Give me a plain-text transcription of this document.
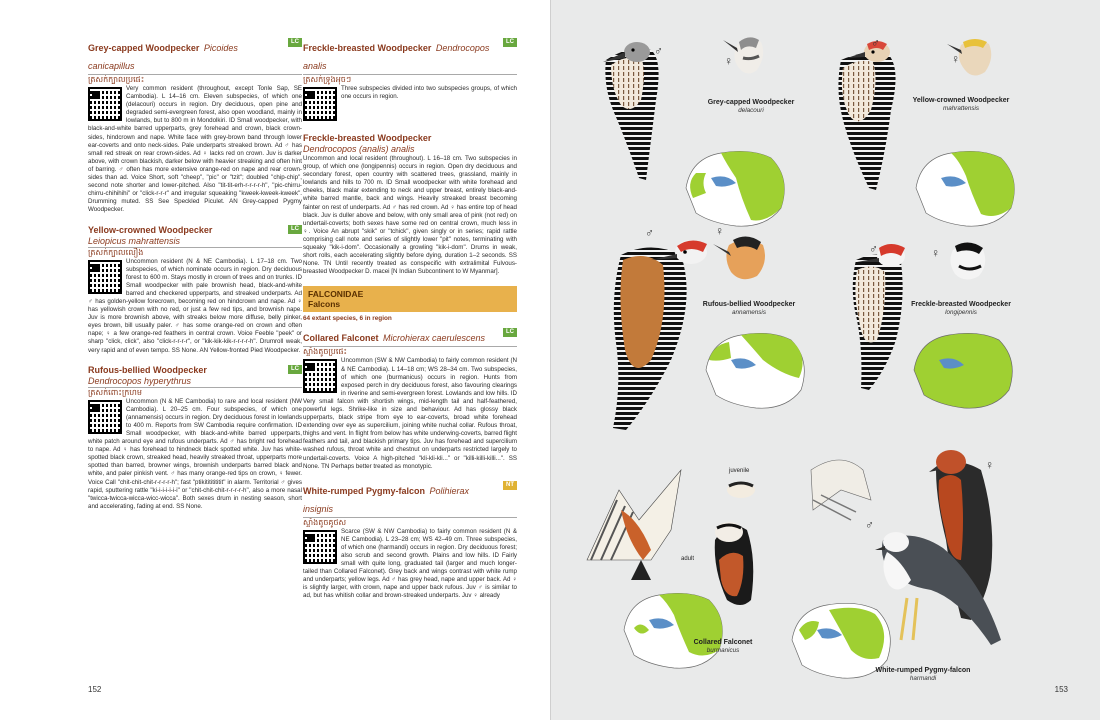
Grey-capped Woodpecker Picoides canicapillus
LC
ត្រសក់ក្បាលប្រផេះ
Very common resident (throughout, except Tonle Sap, SE Cambodia). L 14–16 cm. Eleven subspecies, of which one (delacouri) occurs in region. Dry deciduous, open pine and degraded semi-evergreen forest, also open woodland, mainly in lowlands, but to 800 m in Mondolkiri. ID Small woodpecker, with black-and-white barred upperparts, grey forehead and crown, black crown-sides, hindcrown and nape. White face with grey-brown band through lower ear-coverts and onto neck-sides. Pale underparts streaked brown. Ad ♂ has small red streak on rear crown-sides. Ad ♀ lacks red on crown. Juv is darker above, with crown blackish, darker below with heavier streaking and often hint of barring. ♂ often has more extensive orange-red on nape and rear crown-sides than ad. Voice Short, soft "cheep", "pic" or "tzit"; doubled "chip-chip", second note shorter and lower-pitched. Also "tit-tit-erh-r-r-r-r-h", "pic-chirru-chirru-chihihihi" or "click-r-r-r" and irregular squeaking "kweek-kweek-kweek". Drumming muted. SS See Speckled Piculet. AN Grey-capped Pygmy Woodpecker.
Yellow-crowned Woodpecker
Leiopicus mahrattensis
LC
ត្រសក់ក្បាលលឿង
Uncommon resident (N & NE Cambodia). L 17–18 cm. Two subspecies, of which nominate occurs in region. Dry deciduous forest to 600 m. Stays mostly in crown of trees and on trunks. ID Small woodpecker with pale brownish head, black-and-white barred and checkered upperparts, and streaked underparts. Ad ♂ has golden-yellow forecrown, becoming red on hindcrown and nape. Ad ♀ has yellowish crown with no red, or just a few red tips, and brownish nape. Juv is more brownish above, with streaks below more diffuse, belly pinker, eyes brown, bill usually paler. ♂ has some orange-red on crown and often nape; ♀ a few orange-red feathers in central crown. Voice Feeble "peek" or sharp "click, click", also "click-r-r-r-r", or "kik-kik-kik-r-r-r-r-h". Drumroll weak, very rapid and of even tempo. SS None. AN Yellow-fronted Pied Woodpecker.
Rufous-bellied Woodpecker
Dendrocopos hyperythrus
LC
ត្រសក់ពោះក្រហម
Uncommon (N & NE Cambodia) to rare and local resident (NW Cambodia). L 20–25 cm. Four subspecies, of which one (annamensis) occurs in region. Dry deciduous forest in lowlands to 400 m. Reports from SW Cambodia require confirmation. ID Small woodpecker, with black-and-white barred upperparts, white patch around eye and rufous underparts. Ad ♂ has bright red forehead to nape. Ad ♀ has forehead to hindneck black spotted white. Juv has white-spotted black crown, streaked head, heavily streaked throat, upperparts more spotted than barred, browner wings, brownish underparts barred black and white, and paler pinkish vent. ♂ has many orange-red tips on crown, ♀ fewer. Voice Call "chit-chit-chit-r-r-r-r-h"; fast "ptikitititititit" in alarm. Territorial ♂ gives rapid, sputtering rattle "ki-i-i-i-i-i-i" or "chit-chit-chit-r-r-r-r-h", also a more nasal "twicca-twicca-wicca-wicc-wicca". Both sexes drum in nesting season, short and accelerating, fading at end. SS None.
Freckle-breasted Woodpecker Dendrocopos analis
LC
ត្រសក់ទ្រូងអុចៗ
Three subspecies divided into two subspecies groups, of which one occurs in region.
Freckle-breasted Woodpecker
Dendrocopos (analis) analis
Uncommon and local resident (throughout). L 16–18 cm. Two subspecies in group, of which one (longipennis) occurs in region. Open dry deciduous and secondary forest, open country with scattered trees, grassland, mainly in lowlands and hills to 700 m. ID Small woodpecker with white forehead and cheeks, black malar extending to neck and upper breast, entirely black-and-white barred mantle, back and wings. Heavily streaked breast becoming fainter on rest of underparts. Ad ♂ has red crown. Ad ♀ has entire top of head black. Juv is duller above and below, with only small area of pink (not red) on undertail-coverts; both sexes have some red on central crown, much less in ♀. Voice An abrupt "skik" or "tchick", given singly or in series; rapid rattle comprising call note and series of slightly lower "pit" notes, terminating with squeaky "kik-i-dom". Occasionally a growling "kik-i-dom". Drums in weak, short rolls, each accelerating slightly before dying, duration 1–2 seconds. SS None. TN Until recently treated as conspecific with extralimital Fulvous-breasted Woodpecker D. macei [N Indian Subcontinent to W Myanmar].
FALCONIDAE
Falcons
64 extant species, 6 in region
Collared Falconet Microhierax caerulescens
LC
ស្ទាំងតូចប្រផេះ
Uncommon (SW & NW Cambodia) to fairly common resident (N & NE Cambodia). L 14–18 cm; WS 28–34 cm. Two subspecies, of which one (burmanicus) occurs in region. Hunts from exposed perch in dry deciduous forest, also favouring clearings in riverine and semi-evergreen forest. Lowlands and low hills. ID Very small falcon with shortish wings, mid-length tail and half-feathered, powerful legs. Shrike-like in size and behaviour. Ad has glossy black upperparts, black stripe from eye to ear-coverts, broad white forehead extending over eye as supercilium, joining white nuchal collar. Rufous throat, thighs and vent. In flight from below has white underwing-coverts, barred flight feathers and tail, and blackish primary tips. Juv has forehead and supercilium washed rufous, throat white and chestnut on underparts restricted largely to undertail-coverts. Voice A high-pitched "kli-kli-kli..." or "killi-killi-killi...". SS None. TN Perhaps better treated as monotypic.
White-rumped Pygmy-falcon Polihierax insignis
NT
ស្ទាំងតូចគូថស
Scarce (SW & NW Cambodia) to fairly common resident (N & NE Cambodia). L 23–28 cm; WS 42–49 cm. Three subspecies, of which one (harmandi) occurs in region. Dry deciduous forest; also scrub and second growth. Plains and low hills. ID Fairly small with quite long, graduated tail (larger and much longer-tailed than Collared Falconet). Grey back and wings contrast with white rump and underparts; yellow legs. Ad ♂ has grey head, nape and upper back. Ad ♀ is slightly larger, with crown, nape and upper back rufous. Juv ♂ is similar to ad, but has whitish collar and brown-streaked underparts. Juv ♀ already
152
♂
♀
♂
♀
♂	♀
♂	♀
♂
♀
juvenile
adult
Grey-capped Woodpecker
delacouri
Yellow-crowned Woodpecker
mahrattensis
Rufous-bellied Woodpecker
annamensis
Freckle-breasted Woodpecker
longipennis
Collared Falconet
burmanicus
White-rumped Pygmy-falcon
harmandi
153
